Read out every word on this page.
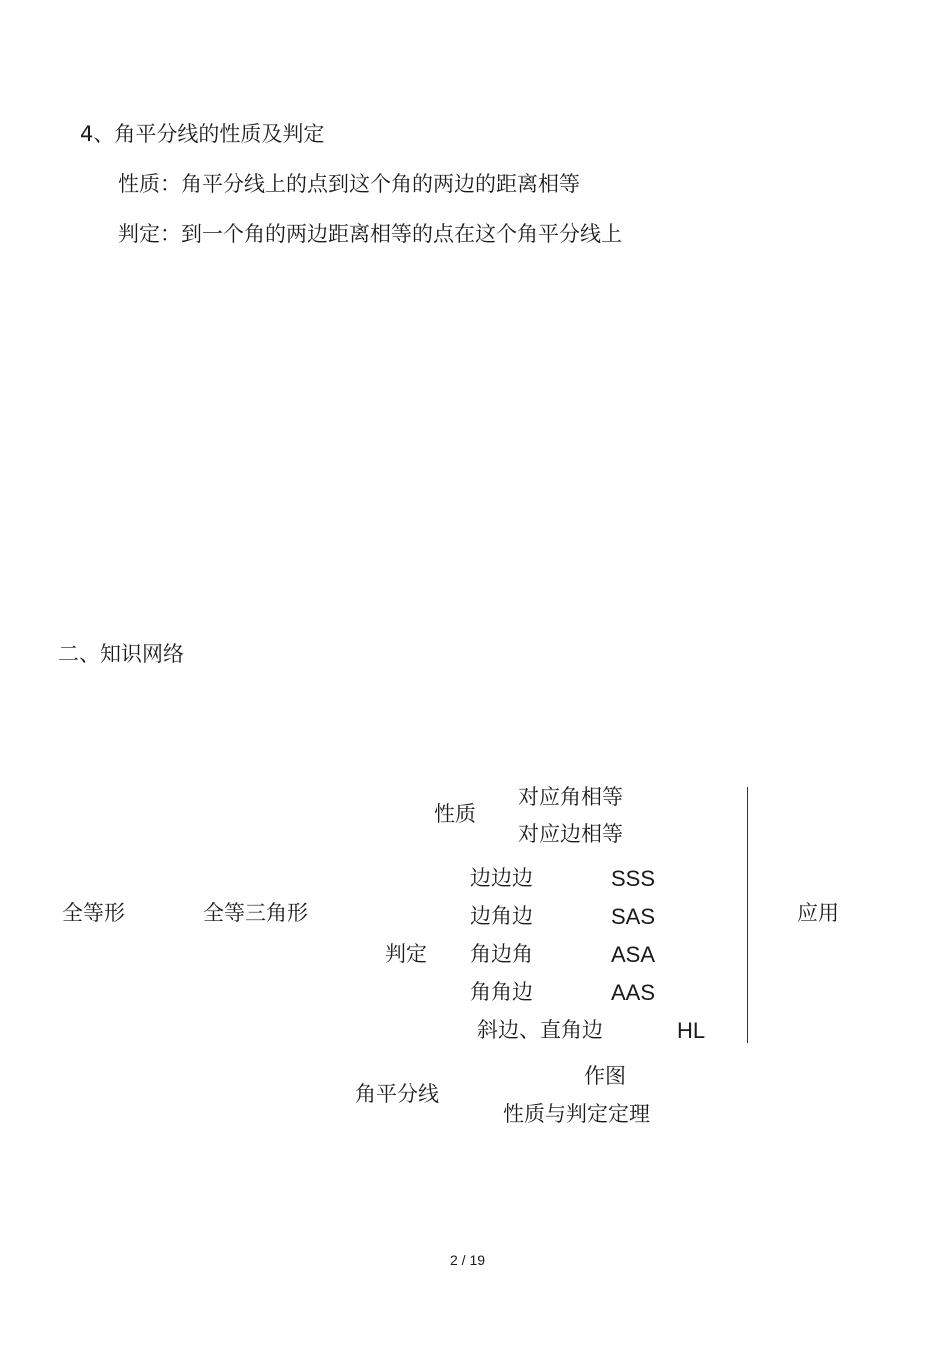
4、角平分线的性质及判定
性质：角平分线上的点到这个角的两边的距离相等
判定：到一个角的两边距离相等的点在这个角平分线上
二、知识网络
全等形	全等三角形
性质
对应角相等
对应边相等
判定
边边边	SSS
边角边	SAS
角边角	ASA
角角边	AAS
斜边、直角边	HL
应用
角平分线
作图
性质与判定定理
2 / 19
